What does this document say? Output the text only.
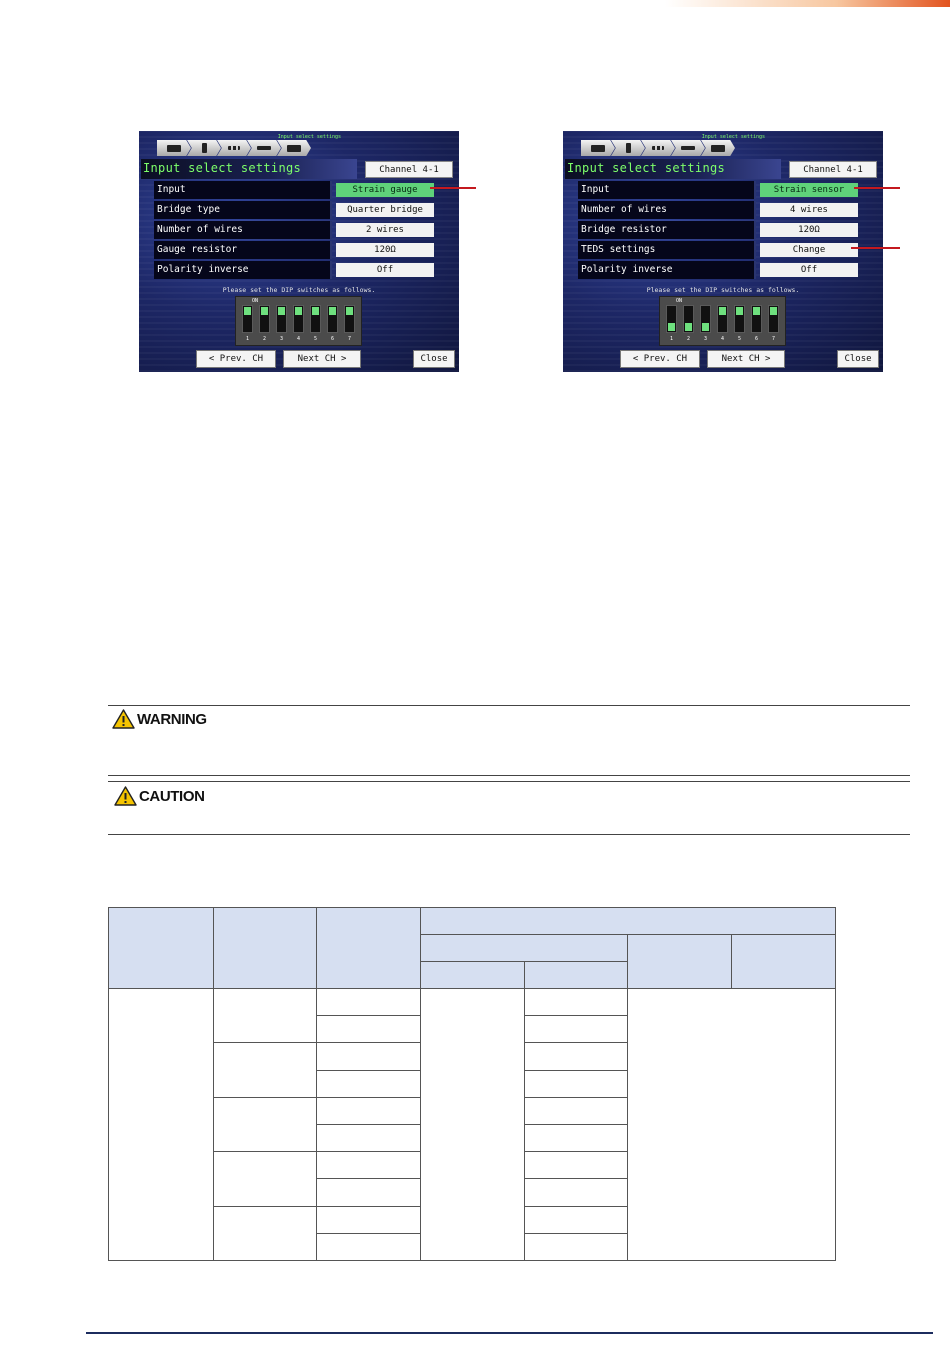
Input select settings
Input select settings	Channel 4-1
Input	Strain gauge
Bridge type	Quarter bridge
Number of wires	2 wires
Gauge resistor	120Ω
Polarity inverse	Off
Please set the DIP switches as follows.
ON
1	2	3	4	5	6	7
< Prev. CH	Next CH >	Close
Input select settings
Input select settings	Channel 4-1
Input	Strain sensor
Number of wires	4 wires
Bridge resistor	120Ω
TEDS settings	Change
Polarity inverse	Off
Please set the DIP switches as follows.
ON
1	2	3	4	5	6	7
< Prev. CH	Next CH >	Close
WARNING
CAUTION
